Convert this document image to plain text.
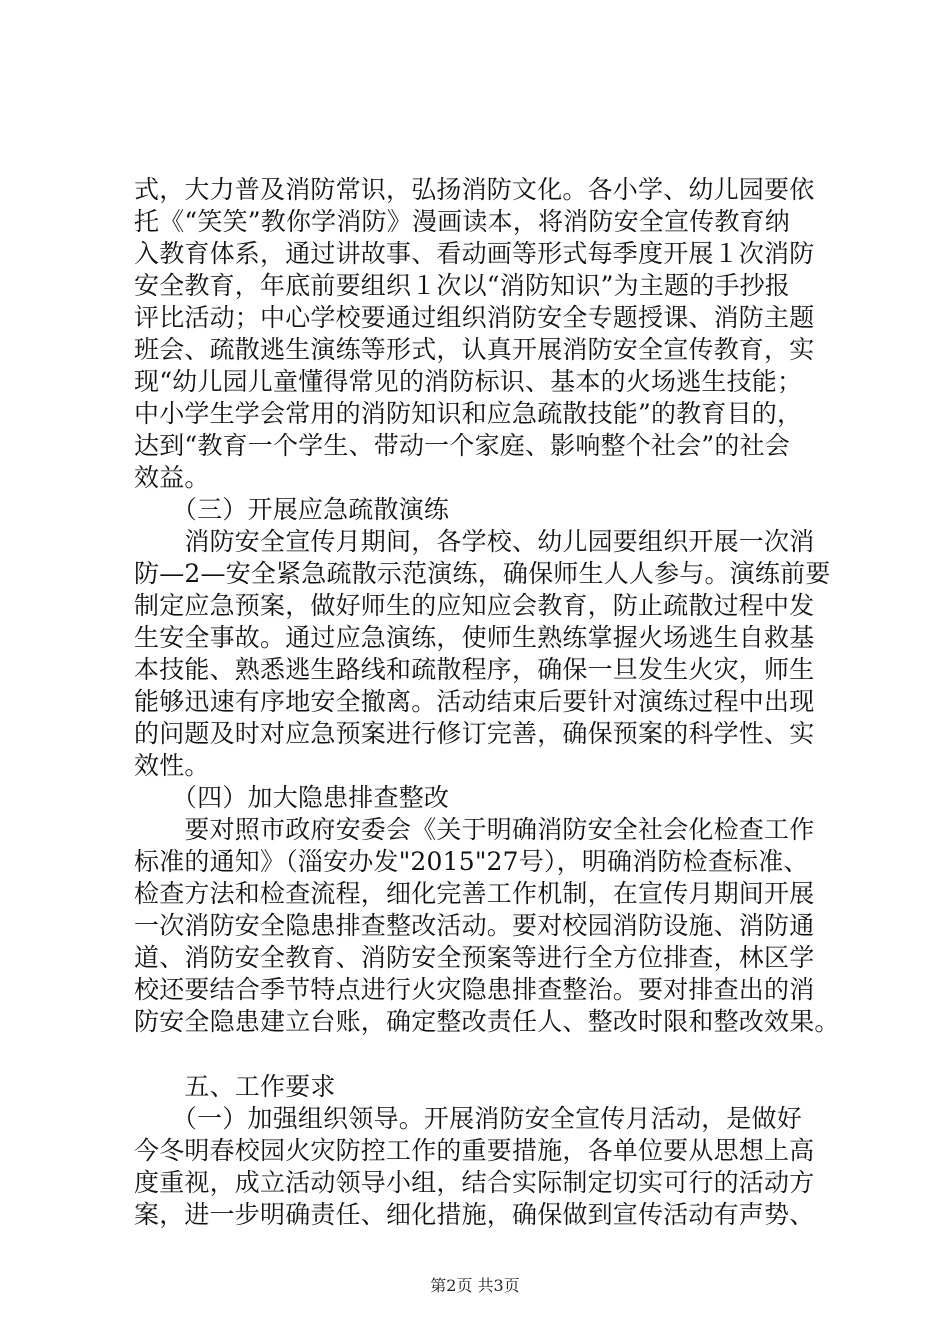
式，大力普及消防常识，弘扬消防文化。各小学、幼儿园要依
托《“笑笑”教你学消防》漫画读本，将消防安全宣传教育纳
入教育体系，通过讲故事、看动画等形式每季度开展１次消防
安全教育，年底前要组织１次以“消防知识”为主题的手抄报
评比活动；中心学校要通过组织消防安全专题授课、消防主题
班会、疏散逃生演练等形式，认真开展消防安全宣传教育，实
现“幼儿园儿童懂得常见的消防标识、基本的火场逃生技能；
中小学生学会常用的消防知识和应急疏散技能”的教育目的，
达到“教育一个学生、带动一个家庭、影响整个社会”的社会
效益。
　　（三）开展应急疏散演练
　　消防安全宣传月期间，各学校、幼儿园要组织开展一次消
防—2—安全紧急疏散示范演练，确保师生人人参与。演练前要
制定应急预案，做好师生的应知应会教育，防止疏散过程中发
生安全事故。通过应急演练，使师生熟练掌握火场逃生自救基
本技能、熟悉逃生路线和疏散程序，确保一旦发生火灾，师生
能够迅速有序地安全撤离。活动结束后要针对演练过程中出现
的问题及时对应急预案进行修订完善，确保预案的科学性、实
效性。
　　（四）加大隐患排查整改
　　要对照市政府安委会《关于明确消防安全社会化检查工作
标准的通知》（淄安办发"2015"27号），明确消防检查标准、
检查方法和检查流程，细化完善工作机制，在宣传月期间开展
一次消防安全隐患排查整改活动。要对校园消防设施、消防通
道、消防安全教育、消防安全预案等进行全方位排查，林区学
校还要结合季节特点进行火灾隐患排查整治。要对排查出的消
防安全隐患建立台账，确定整改责任人、整改时限和整改效果。
　　五、工作要求
　　（一）加强组织领导。开展消防安全宣传月活动，是做好
今冬明春校园火灾防控工作的重要措施，各单位要从思想上高
度重视，成立活动领导小组，结合实际制定切实可行的活动方
案，进一步明确责任、细化措施，确保做到宣传活动有声势、
第2页 共3页
